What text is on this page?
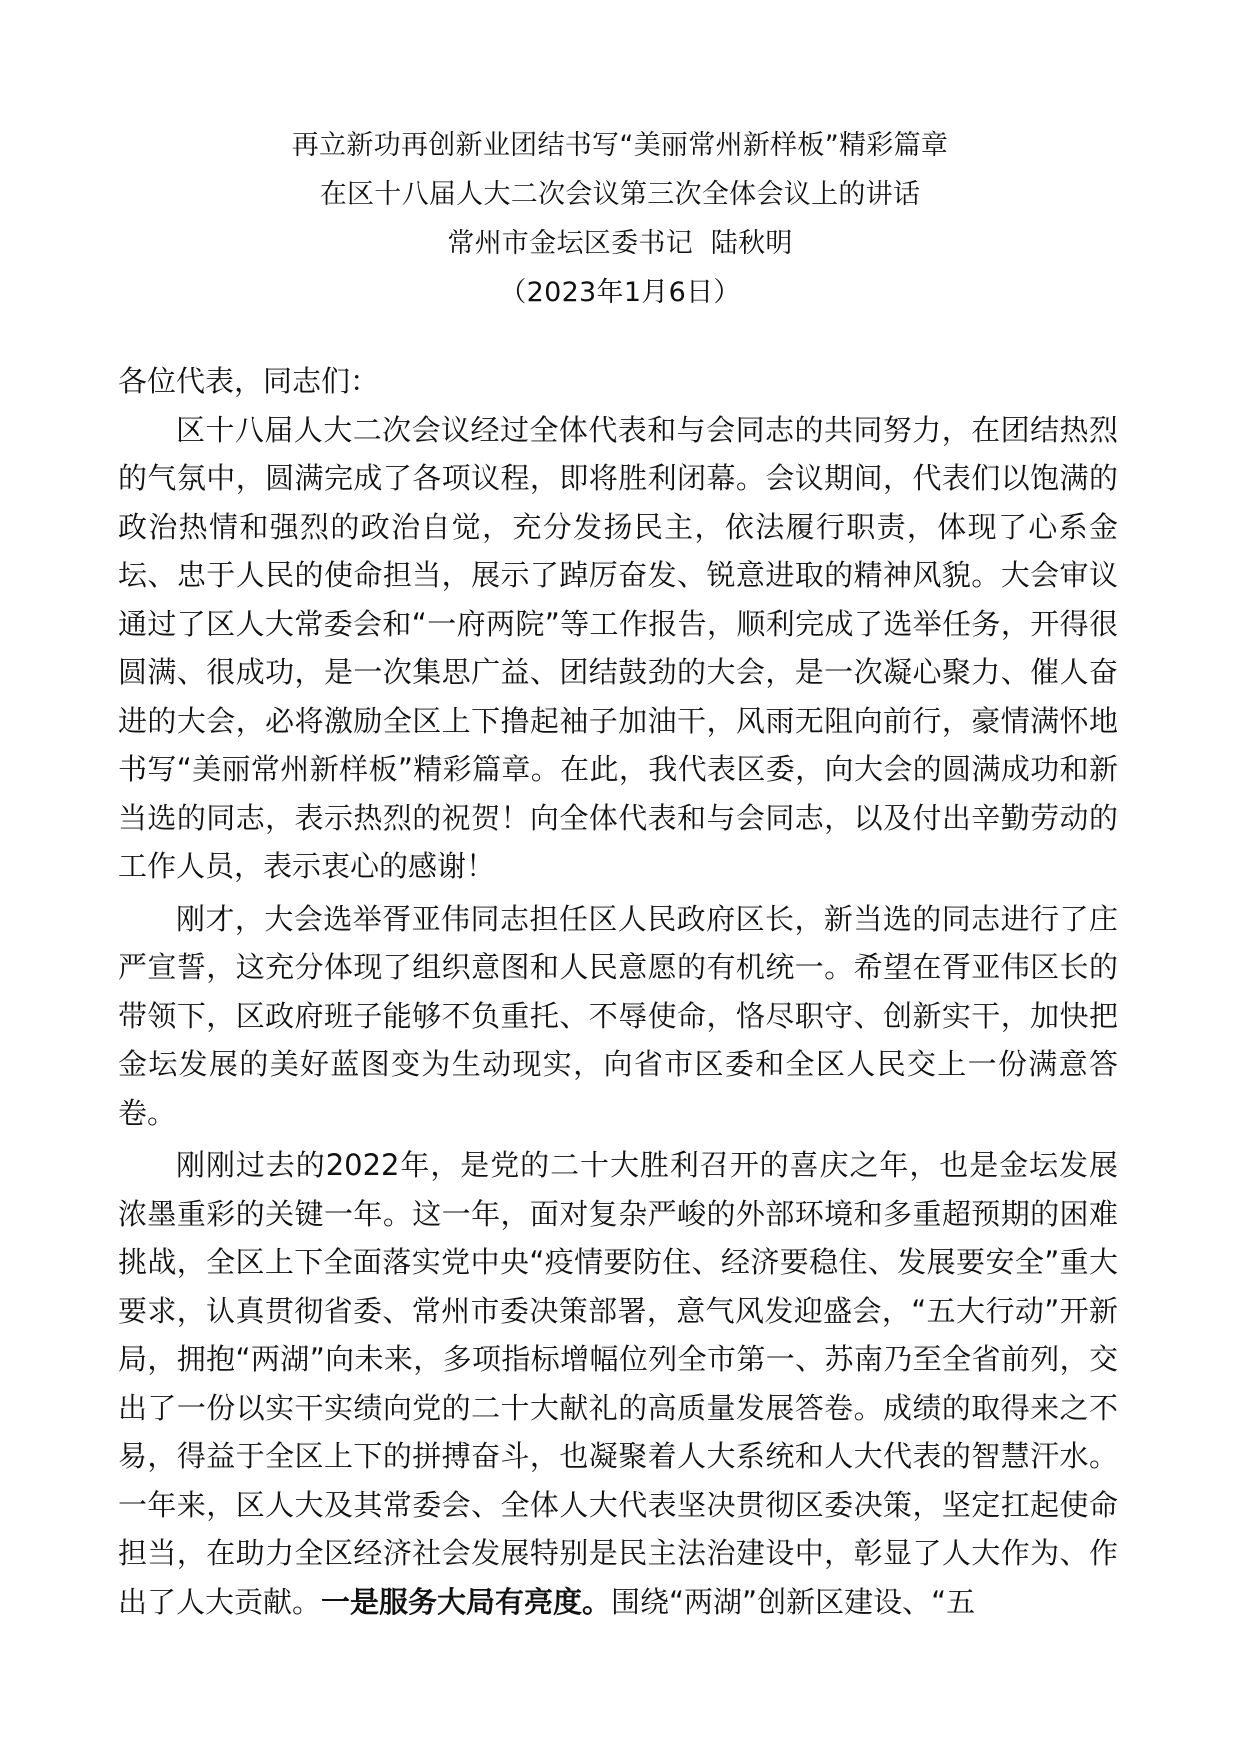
再立新功再创新业团结书写“美丽常州新样板”精彩篇章
在区十八届人大二次会议第三次全体会议上的讲话
常州市金坛区委书记  陆秋明
（2023年1月6日）

各位代表，同志们：

区十八届人大二次会议经过全体代表和与会同志的共同努力，在团结热烈的气氛中，圆满完成了各项议程，即将胜利闭幕。会议期间，代表们以饱满的政治热情和强烈的政治自觉，充分发扬民主，依法履行职责，体现了心系金坛、忠于人民的使命担当，展示了踔厉奋发、锐意进取的精神风貌。大会审议通过了区人大常委会和“一府两院”等工作报告，顺利完成了选举任务，开得很圆满、很成功，是一次集思广益、团结鼓劲的大会，是一次凝心聚力、催人奋进的大会，必将激励全区上下撸起袖子加油干，风雨无阻向前行，豪情满怀地书写“美丽常州新样板”精彩篇章。在此，我代表区委，向大会的圆满成功和新当选的同志，表示热烈的祝贺！向全体代表和与会同志，以及付出辛勤劳动的工作人员，表示衷心的感谢！

刚才，大会选举胥亚伟同志担任区人民政府区长，新当选的同志进行了庄严宣誓，这充分体现了组织意图和人民意愿的有机统一。希望在胥亚伟区长的带领下，区政府班子能够不负重托、不辱使命，恪尽职守、创新实干，加快把金坛发展的美好蓝图变为生动现实，向省市区委和全区人民交上一份满意答卷。

刚刚过去的2022年，是党的二十大胜利召开的喜庆之年，也是金坛发展浓墨重彩的关键一年。这一年，面对复杂严峻的外部环境和多重超预期的困难挑战，全区上下全面落实党中央“疫情要防住、经济要稳住、发展要安全”重大要求，认真贯彻省委、常州市委决策部署，意气风发迎盛会，“五大行动”开新局，拥抱“两湖”向未来，多项指标增幅位列全市第一、苏南乃至全省前列，交出了一份以实干实绩向党的二十大献礼的高质量发展答卷。成绩的取得来之不易，得益于全区上下的拼搏奋斗，也凝聚着人大系统和人大代表的智慧汗水。一年来，区人大及其常委会、全体人大代表坚决贯彻区委决策，坚定扛起使命担当，在助力全区经济社会发展特别是民主法治建设中，彰显了人大作为、作出了人大贡献。一是服务大局有亮度。围绕“两湖”创新区建设、“五
